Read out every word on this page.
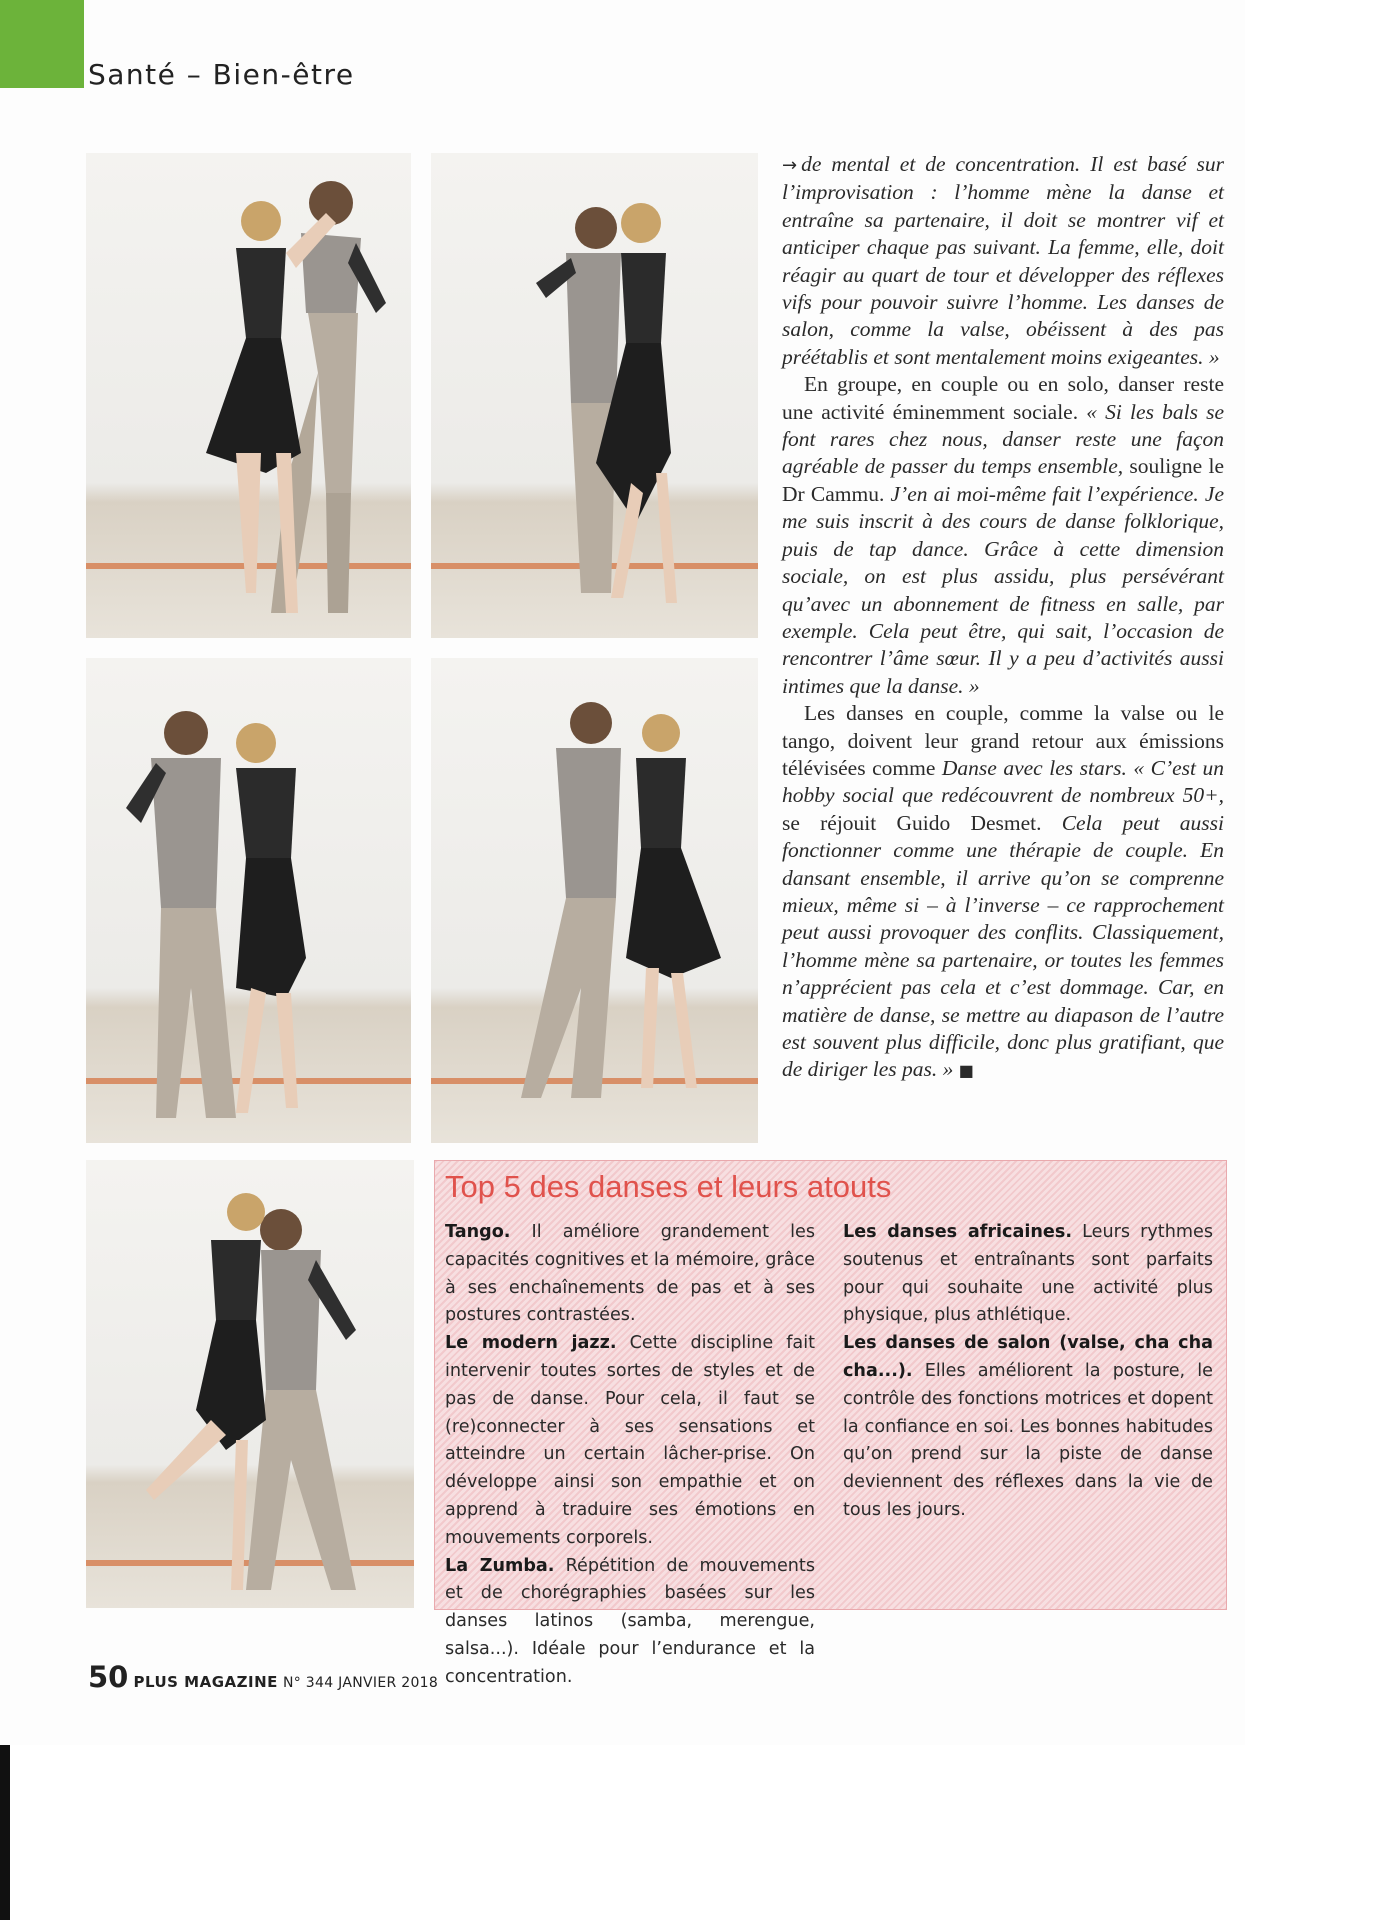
Santé – Bien-être

→ de mental et de concentration. Il est basé sur l’improvisation : l’homme mène la danse et entraîne sa partenaire, il doit se montrer vif et anticiper chaque pas suivant. La femme, elle, doit réagir au quart de tour et développer des réflexes vifs pour pouvoir suivre l’homme. Les danses de salon, comme la valse, obéissent à des pas préétablis et sont mentalement moins exigeantes. »

En groupe, en couple ou en solo, danser reste une activité éminemment sociale. « Si les bals se font rares chez nous, danser reste une façon agréable de passer du temps ensemble, souligne le Dr Cammu. J’en ai moi-même fait l’expérience. Je me suis inscrit à des cours de danse folklorique, puis de tap dance. Grâce à cette dimension sociale, on est plus assidu, plus persévérant qu’avec un abonnement de fitness en salle, par exemple. Cela peut être, qui sait, l’occasion de rencontrer l’âme sœur. Il y a peu d’activités aussi intimes que la danse. »

Les danses en couple, comme la valse ou le tango, doivent leur grand retour aux émissions télévisées comme Danse avec les stars. « C’est un hobby social que redécouvrent de nombreux 50+, se réjouit Guido Desmet. Cela peut aussi fonctionner comme une thérapie de couple. En dansant ensemble, il arrive qu’on se comprenne mieux, même si – à l’inverse – ce rapprochement peut aussi provoquer des conflits. Classiquement, l’homme mène sa partenaire, or toutes les femmes n’apprécient pas cela et c’est dommage. Car, en matière de danse, se mettre au diapason de l’autre est souvent plus difficile, donc plus gratifiant, que de diriger les pas. » ■

Top 5 des danses et leurs atouts

Tango. Il améliore grandement les capacités cognitives et la mémoire, grâce à ses enchaînements de pas et à ses postures contrastées.

Le modern jazz. Cette discipline fait intervenir toutes sortes de styles et de pas de danse. Pour cela, il faut se (re)connecter à ses sensations et atteindre un certain lâcher-prise. On développe ainsi son empathie et on apprend à traduire ses émotions en mouvements corporels.

La Zumba. Répétition de mouvements et de chorégraphies basées sur les danses latinos (samba, merengue, salsa...). Idéale pour l’endurance et la concentration.

Les danses africaines. Leurs rythmes soutenus et entraînants sont parfaits pour qui souhaite une activité plus physique, plus athlétique.

Les danses de salon (valse, cha cha cha...). Elles améliorent la posture, le contrôle des fonctions motrices et dopent la confiance en soi. Les bonnes habitudes qu’on prend sur la piste de danse deviennent des réflexes dans la vie de tous les jours.

50 PLUS MAGAZINE N° 344 JANVIER 2018
